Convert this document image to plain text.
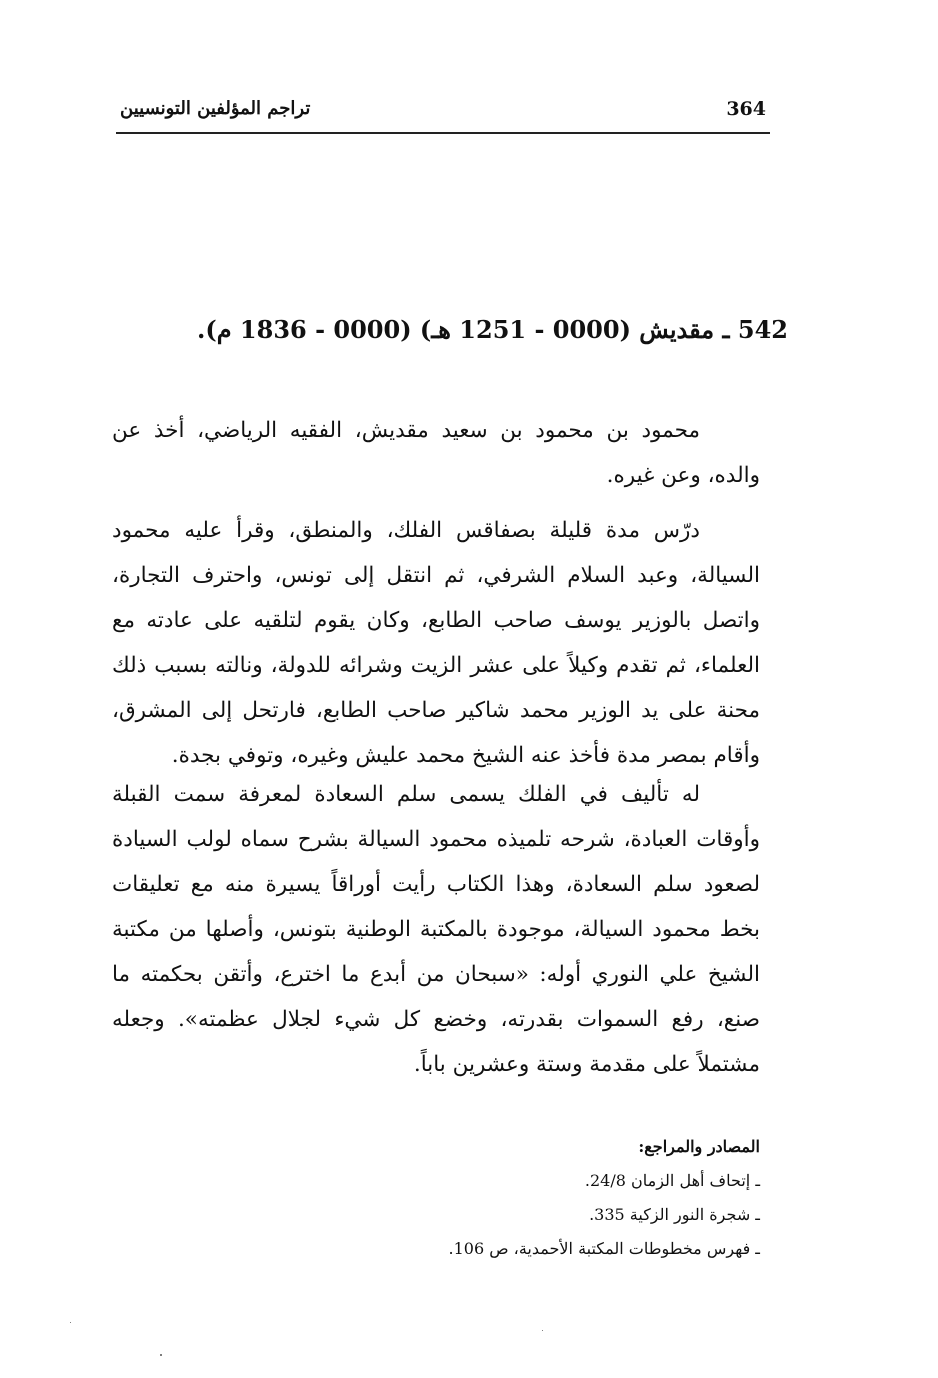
364
تراجم المؤلفين التونسيين
542 ـ مقديش (0000 - 1251 هـ) (0000 - 1836 م).

محمود بن محمود بن سعيد مقديش، الفقيه الرياضي، أخذ عن والده، وعن غيره.

درّس مدة قليلة بصفاقس الفلك، والمنطق، وقرأ عليه محمود السيالة، وعبد السلام الشرفي، ثم انتقل إلى تونس، واحترف التجارة، واتصل بالوزير يوسف صاحب الطابع، وكان يقوم لتلقيه على عادته مع العلماء، ثم تقدم وكيلاً على عشر الزيت وشرائه للدولة، ونالته بسبب ذلك محنة على يد الوزير محمد شاكير صاحب الطابع، فارتحل إلى المشرق، وأقام بمصر مدة فأخذ عنه الشيخ محمد عليش وغيره، وتوفي بجدة.

له تأليف في الفلك يسمى سلم السعادة لمعرفة سمت القبلة وأوقات العبادة، شرحه تلميذه محمود السيالة بشرح سماه لولب السيادة لصعود سلم السعادة، وهذا الكتاب رأيت أوراقاً يسيرة منه مع تعليقات بخط محمود السيالة، موجودة بالمكتبة الوطنية بتونس، وأصلها من مكتبة الشيخ علي النوري أوله: «سبحان من أبدع ما اخترع، وأتقن بحكمته ما صنع، رفع السموات بقدرته، وخضع كل شيء لجلال عظمته». وجعله مشتملاً على مقدمة وستة وعشرين باباً.

المصادر والمراجع:
ـ إتحاف أهل الزمان 24/8.
ـ شجرة النور الزكية 335.
ـ فهرس مخطوطات المكتبة الأحمدية، ص 106.
